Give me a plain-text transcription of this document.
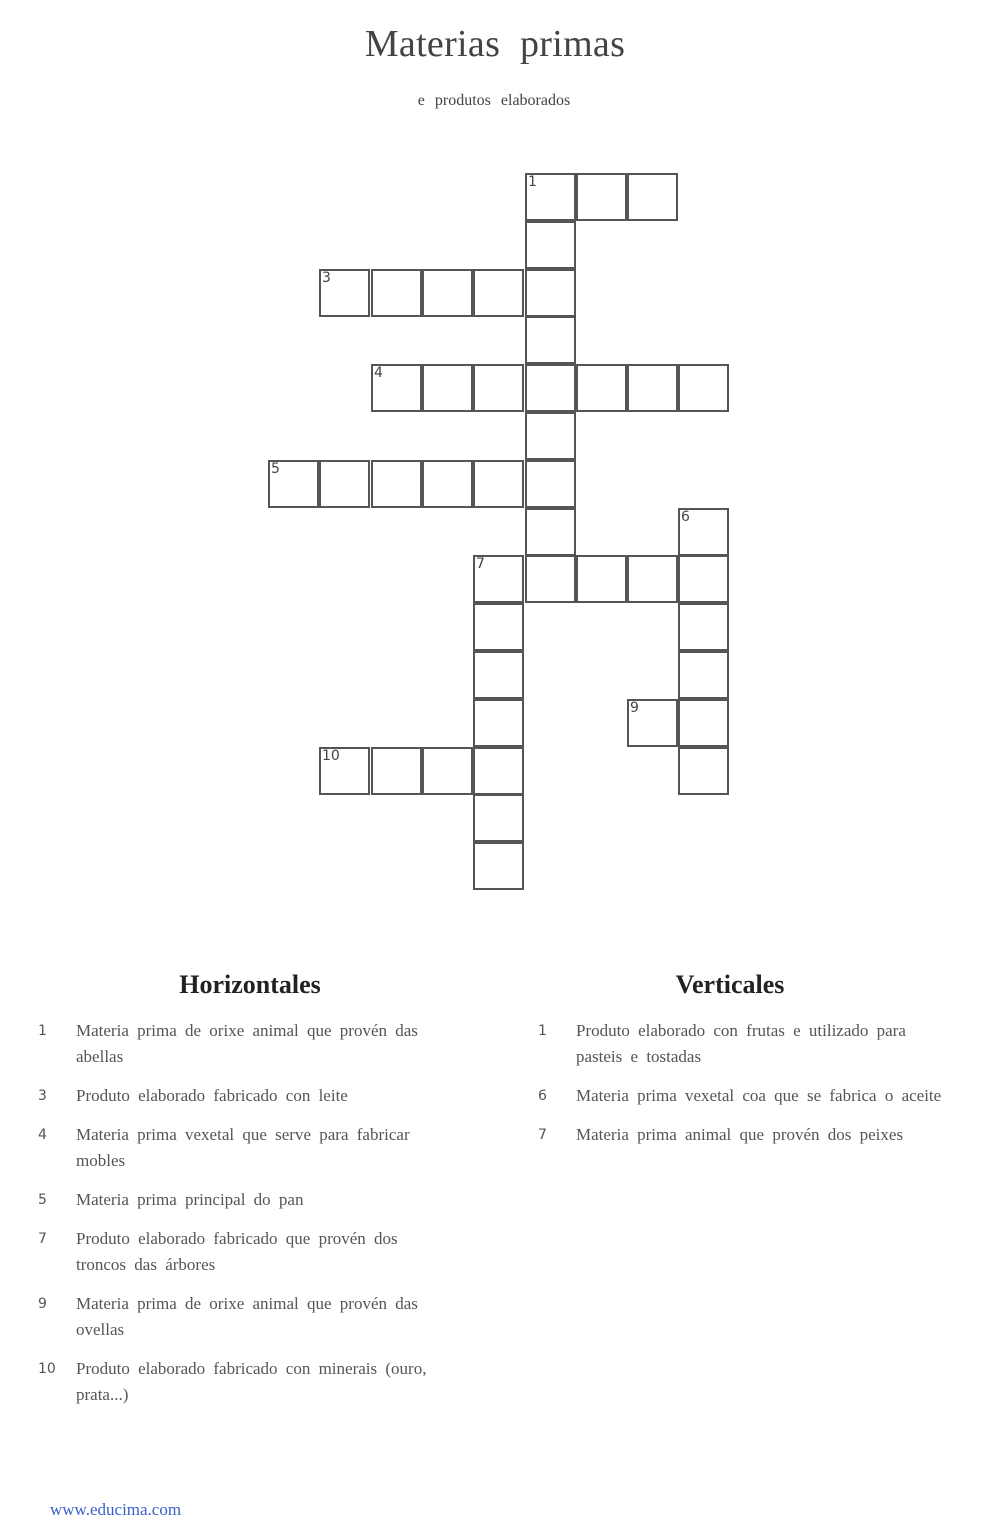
Materias primas
e produtos elaborados
1
3
4
5
6
7
9
10
Horizontales
1	Materia prima de orixe animal que provén das abellas
3	Produto elaborado fabricado con leite
4	Materia prima vexetal que serve para fabricar mobles
5	Materia prima principal do pan
7	Produto elaborado fabricado que provén dos troncos das árbores
9	Materia prima de orixe animal que provén das ovellas
10	Produto elaborado fabricado con minerais (ouro, prata...)
Verticales
1	Produto elaborado con frutas e utilizado para pasteis e tostadas
6	Materia prima vexetal coa que se fabrica o aceite
7	Materia prima animal que provén dos peixes
www.educima.com
